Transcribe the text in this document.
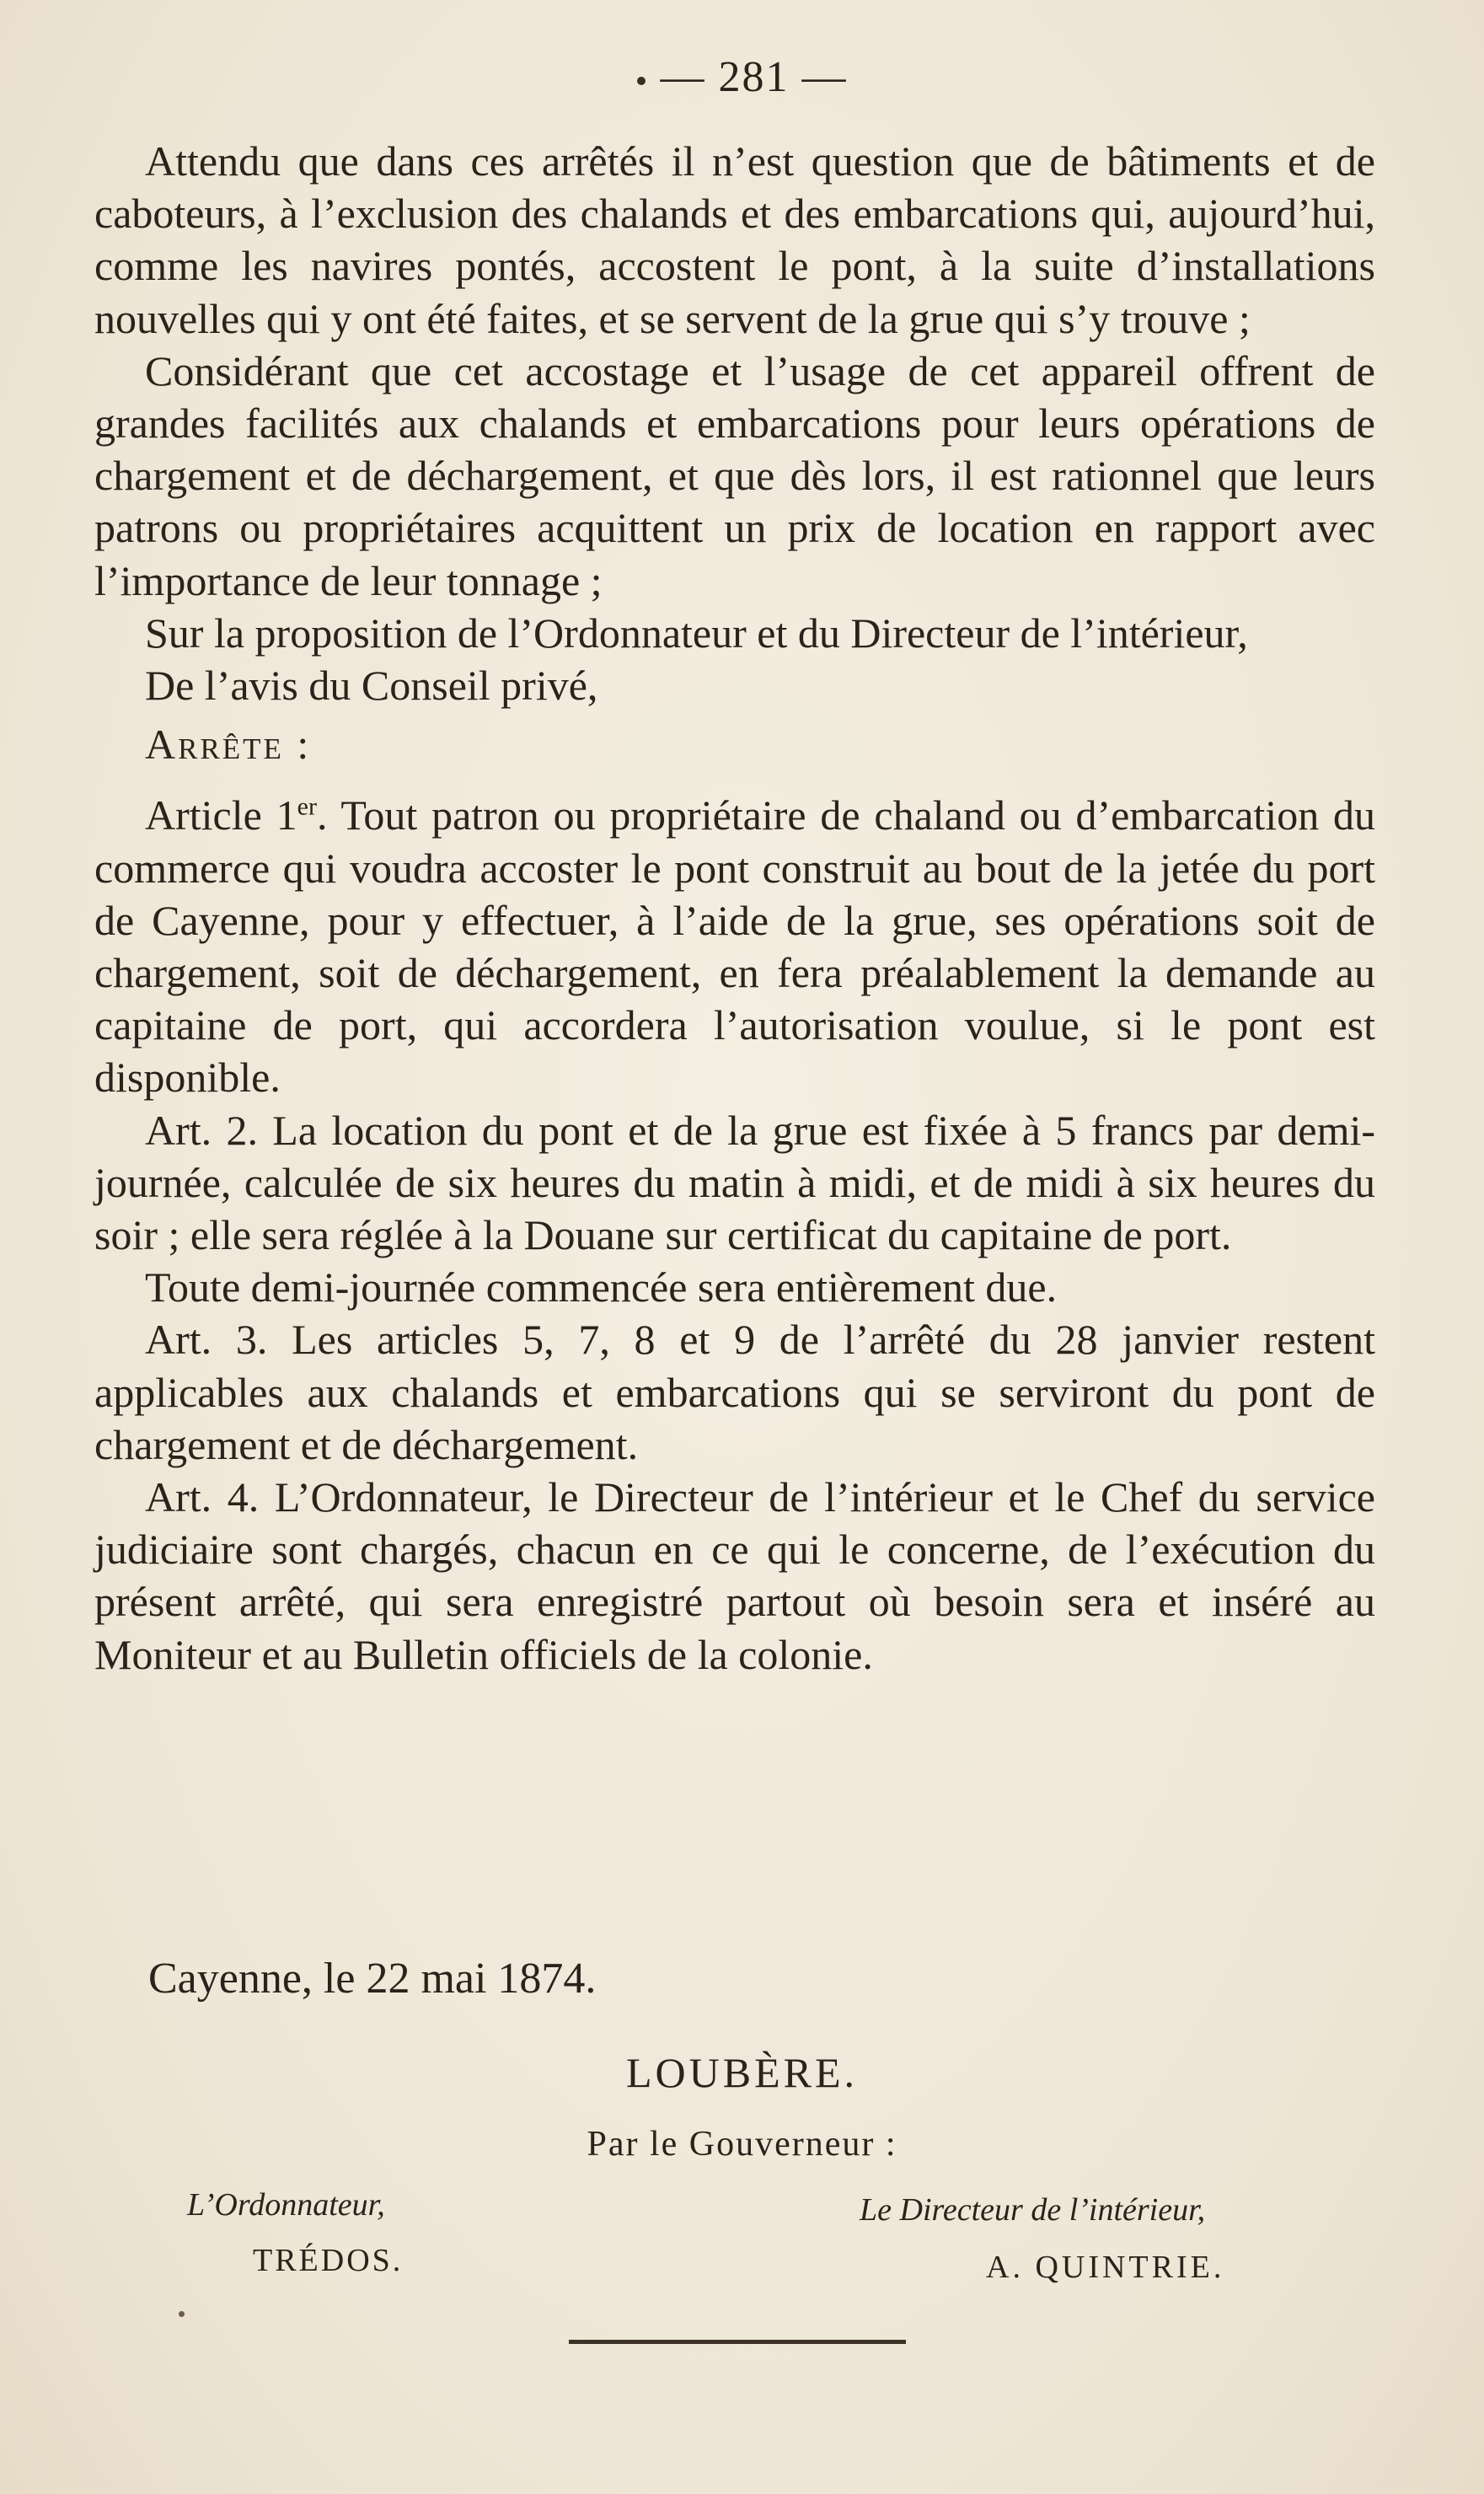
— 281 —

Attendu que dans ces arrêtés il n’est question que de bâtiments et de caboteurs, à l’exclusion des chalands et des embarcations qui, aujourd’hui, comme les navires pontés, accostent le pont, à la suite d’installations nouvelles qui y ont été faites, et se servent de la grue qui s’y trouve ;

Considérant que cet accostage et l’usage de cet appareil offrent de grandes facilités aux chalands et embarcations pour leurs opérations de chargement et de déchargement, et que dès lors, il est rationnel que leurs patrons ou propriétaires acquittent un prix de location en rapport avec l’importance de leur tonnage ;

Sur la proposition de l’Ordonnateur et du Directeur de l’intérieur,

De l’avis du Conseil privé,

Arrête :

Article 1er. Tout patron ou propriétaire de chaland ou d’embarcation du commerce qui voudra accoster le pont construit au bout de la jetée du port de Cayenne, pour y effectuer, à l’aide de la grue, ses opérations soit de chargement, soit de déchargement, en fera préalablement la demande au capitaine de port, qui accordera l’autorisation voulue, si le pont est disponible.

Art. 2. La location du pont et de la grue est fixée à 5 francs par demi-journée, calculée de six heures du matin à midi, et de midi à six heures du soir ; elle sera réglée à la Douane sur certificat du capitaine de port.

Toute demi-journée commencée sera entièrement due.

Art. 3. Les articles 5, 7, 8 et 9 de l’arrêté du 28 janvier restent applicables aux chalands et embarcations qui se serviront du pont de chargement et de déchargement.

Art. 4. L’Ordonnateur, le Directeur de l’intérieur et le Chef du service judiciaire sont chargés, chacun en ce qui le concerne, de l’exécution du présent arrêté, qui sera enregistré partout où besoin sera et inséré au Moniteur et au Bulletin officiels de la colonie.

Cayenne, le 22 mai 1874.
LOUBÈRE.
Par le Gouverneur :
L’Ordonnateur,
TRÉDOS.
Le Directeur de l’intérieur,
A. QUINTRIE.
